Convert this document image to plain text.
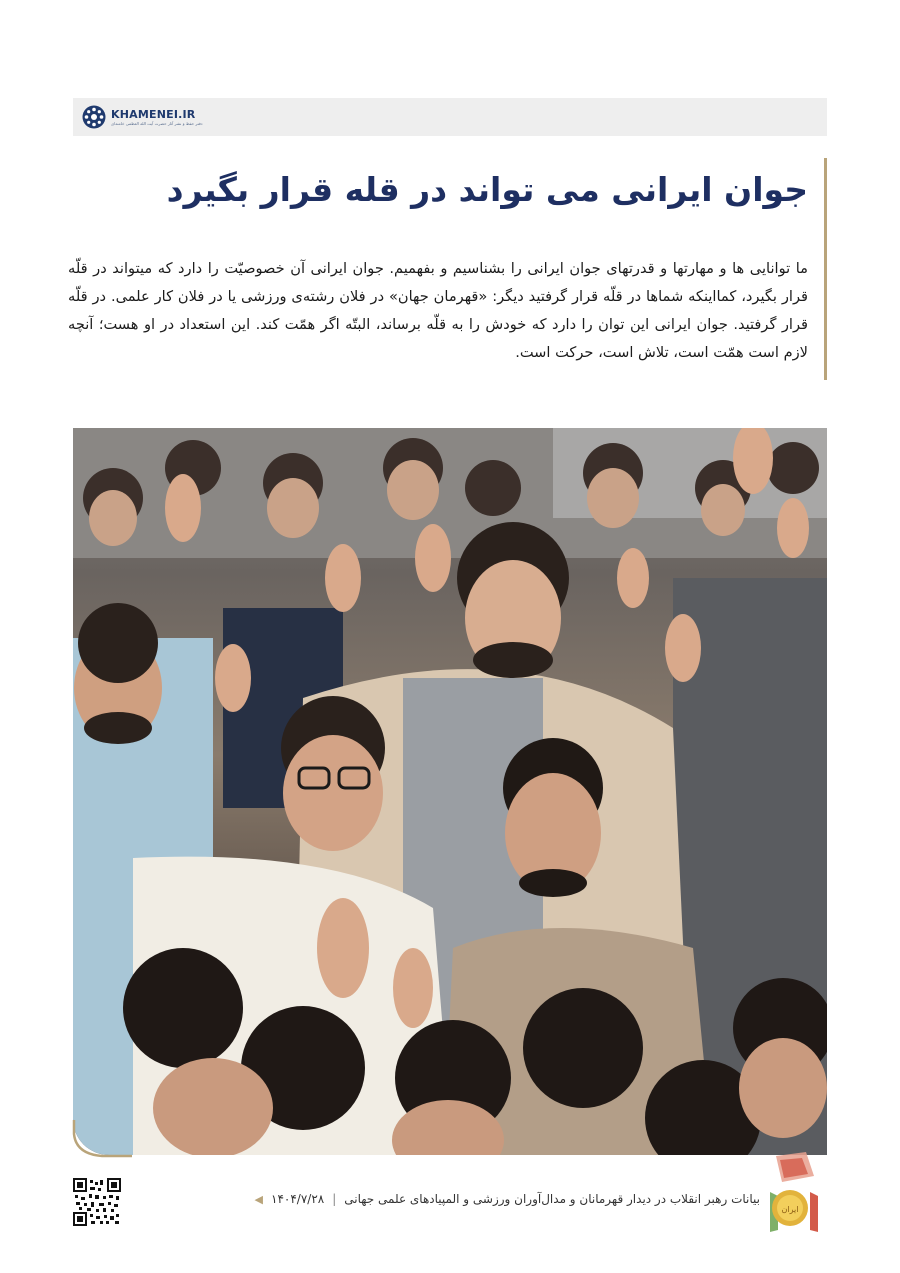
KHAMENEI.IR
دفتر حفظ و نشر آثار حضرت آیت الله العظمی خامنه‌ای
جوان ایرانی می تواند در قله قرار بگیرد

ما توانایی ها و مهارتها و قدرتهای جوان ایرانی را بشناسیم و بفهمیم. جوان ایرانی آن خصوصیّت را دارد که میتواند در قلّه قرار بگیرد، کمااینکه شماها در قلّه قرار گرفتید دیگر: «قهرمان جهان» در فلان رشته‌ی ورزشی یا در فلان کار علمی. در قلّه قرار گرفتید. جوان ایرانی این توان را دارد که خودش را به قلّه برساند، البتّه اگر همّت کند. این استعداد در او هست؛ آنچه لازم است همّت است، تلاش است، حرکت است.

بیانات رهبر انقلاب در دیدار قهرمانان و مدال‌آوران ورزشی و المپیادهای علمی جهانی
|
۱۴۰۴/۷/۲۸
◀
ایران
